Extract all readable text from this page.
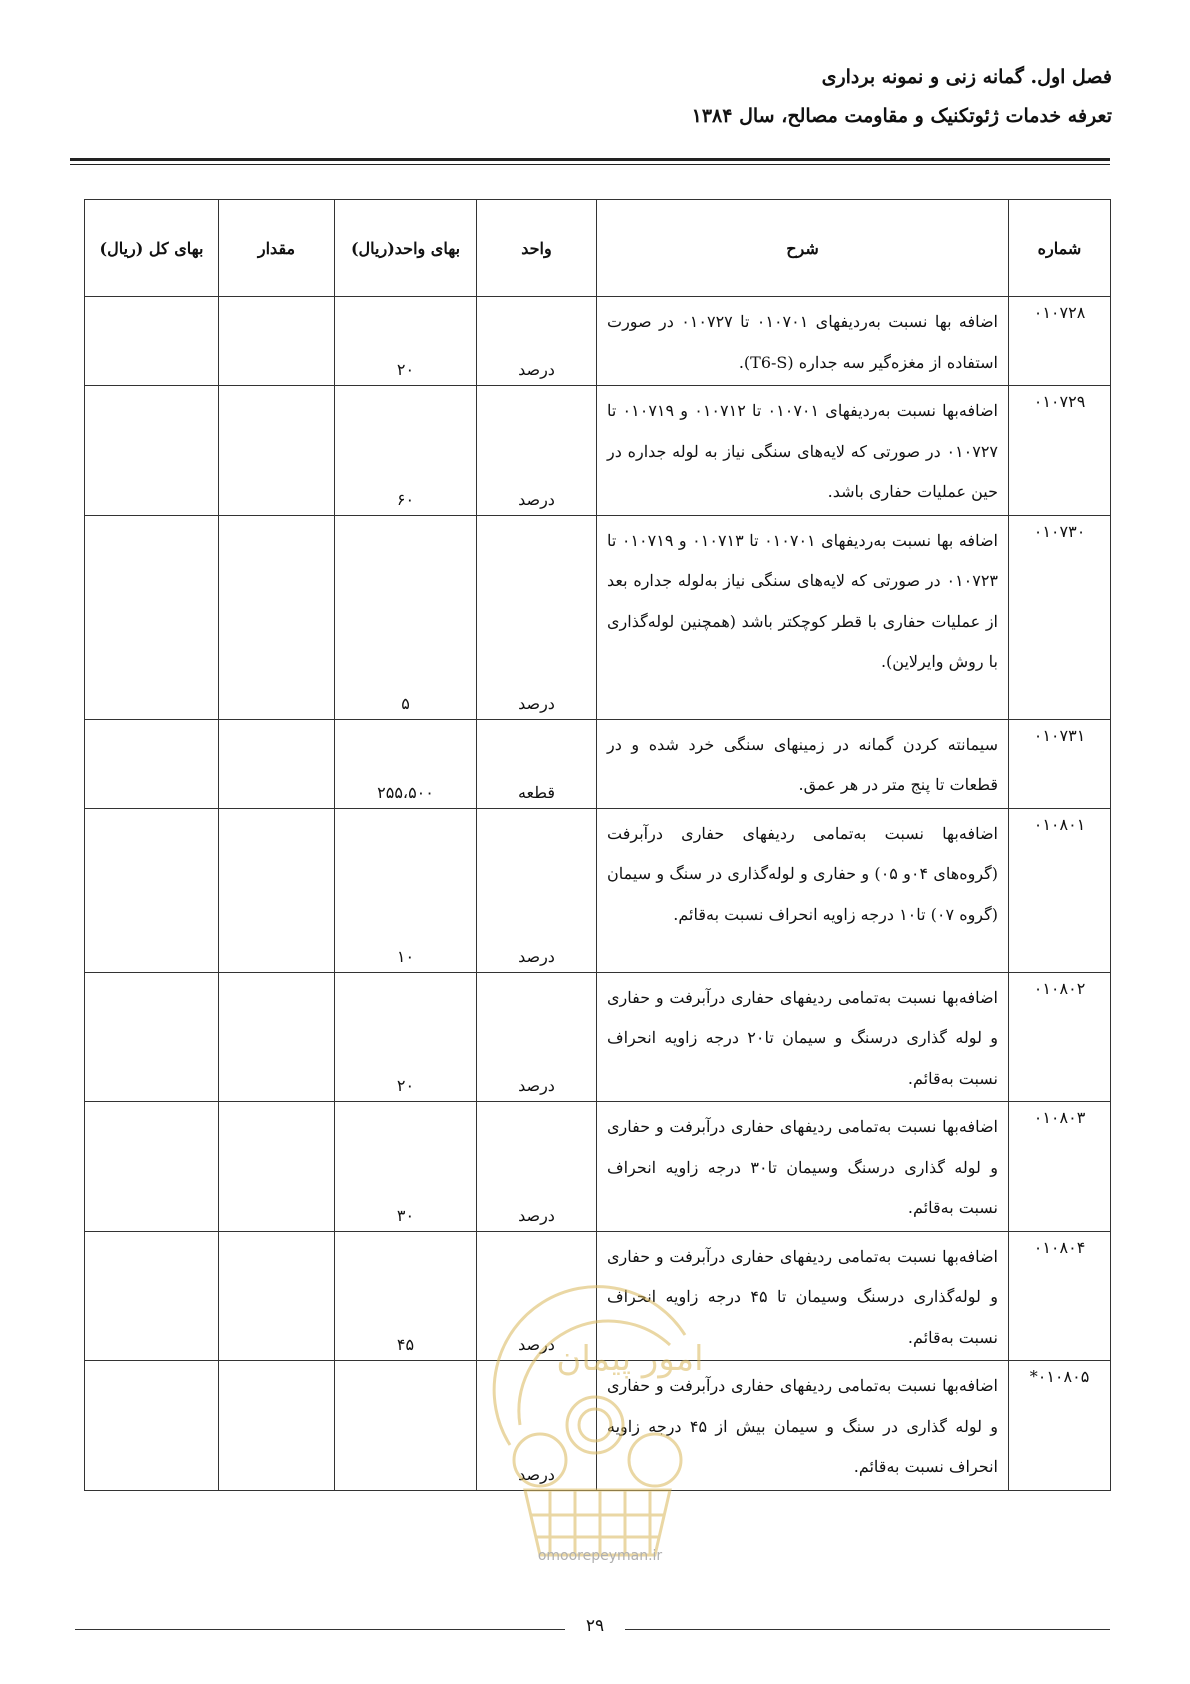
فصل اول. گمانه زنی و نمونه برداری
تعرفه خدمات ژئوتکنیک و مقاومت مصالح، سال ۱۳۸۴
شماره	شرح	واحد	بهای واحد(ریال)	مقدار	بهای کل (ریال)
۰۱۰۷۲۸	اضافه بها نسبت به‌ردیفهای ۰۱۰۷۰۱ تا ۰۱۰۷۲۷ در صورت استفاده از مغزه‌گیر سه جداره (T6-S).	درصد	۲۰		
۰۱۰۷۲۹	اضافه‌بها نسبت به‌ردیفهای ۰۱۰۷۰۱ تا ۰۱۰۷۱۲ و ۰۱۰۷۱۹ تا ۰۱۰۷۲۷ در صورتی که لایه‌های سنگی نیاز به لوله جداره در حین عملیات حفاری باشد.	درصد	۶۰		
۰۱۰۷۳۰	اضافه بها نسبت به‌ردیفهای ۰۱۰۷۰۱ تا ۰۱۰۷۱۳ و ۰۱۰۷۱۹ تا ۰۱۰۷۲۳ در صورتی که لایه‌های سنگی نیاز به‌لوله جداره بعد از عملیات حفاری با قطر کوچکتر باشد (همچنین لوله‌گذاری با روش وایرلاین).	درصد	۵		
۰۱۰۷۳۱	سیمانته کردن گمانه در زمینهای سنگی خرد شده و در قطعات تا پنج متر در هر عمق.	قطعه	۲۵۵،۵۰۰		
۰۱۰۸۰۱	اضافه‌بها نسبت به‌تمامی ردیفهای حفاری درآبرفت (گروه‌های ۰۴و ۰۵) و حفاری و لوله‌گذاری در سنگ و سیمان (گروه ۰۷) تا۱۰ درجه زاویه انحراف نسبت به‌قائم.	درصد	۱۰		
۰۱۰۸۰۲	اضافه‌بها نسبت به‌تمامی ردیفهای حفاری درآبرفت و حفاری و لوله گذاری درسنگ و سیمان تا۲۰ درجه زاویه انحراف نسبت به‌قائم.	درصد	۲۰		
۰۱۰۸۰۳	اضافه‌بها نسبت به‌تمامی ردیفهای حفاری درآبرفت و حفاری و لوله گذاری درسنگ وسیمان تا۳۰ درجه زاویه انحراف نسبت به‌قائم.	درصد	۳۰		
۰۱۰۸۰۴	اضافه‌بها نسبت به‌تمامی ردیفهای حفاری درآبرفت و حفاری و لوله‌گذاری درسنگ وسیمان تا ۴۵ درجه زاویه انحراف نسبت به‌قائم.	درصد	۴۵		
۰۱۰۸۰۵*	اضافه‌بها نسبت به‌تمامی ردیفهای حفاری درآبرفت و حفاری و لوله گذاری در سنگ و سیمان بیش از ۴۵ درجه زاویه انحراف نسبت به‌قائم.	درصد			
امور پیمان
omoorepeyman.ir
۲۹
